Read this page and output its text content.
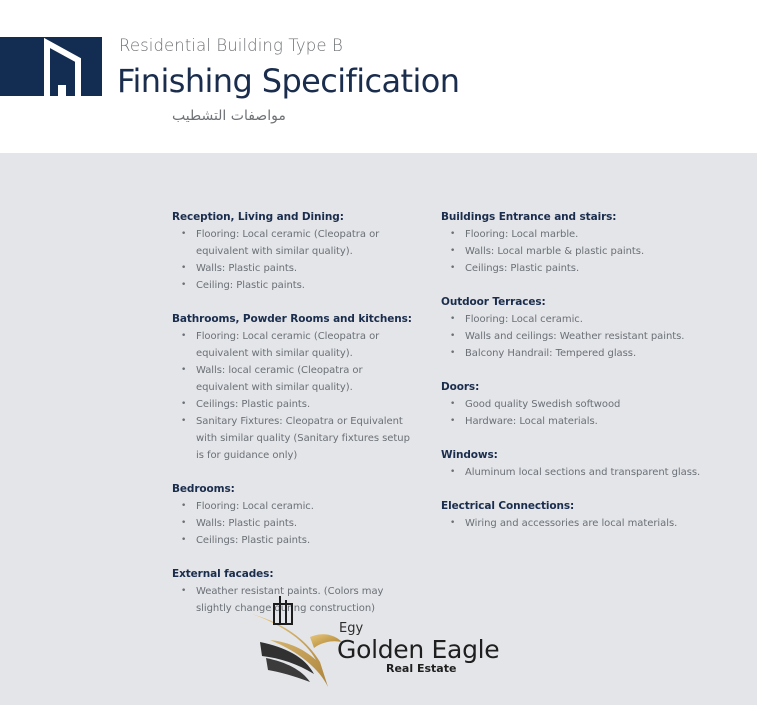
Residential Building Type B
Finishing Specification
مواصفات التشطيب
Reception, Living and Dining:
• Flooring: Local ceramic (Cleopatra or equivalent with similar quality).
• Walls: Plastic paints.
• Ceiling: Plastic paints.
Bathrooms, Powder Rooms and kitchens:
• Flooring: Local ceramic (Cleopatra or equivalent with similar quality).
• Walls: local ceramic (Cleopatra or equivalent with similar quality).
• Ceilings: Plastic paints.
• Sanitary Fixtures: Cleopatra or Equivalent with similar quality (Sanitary fixtures setup is for guidance only)
Bedrooms:
• Flooring: Local ceramic.
• Walls: Plastic paints.
• Ceilings: Plastic paints.
External facades:
• Weather resistant paints. (Colors may slightly change during construction)
Buildings Entrance and stairs:
• Flooring: Local marble.
• Walls: Local marble & plastic paints.
• Ceilings: Plastic paints.
Outdoor Terraces:
• Flooring: Local ceramic.
• Walls and ceilings: Weather resistant paints.
• Balcony Handrail: Tempered glass.
Doors:
• Good quality Swedish softwood
• Hardware: Local materials.
Windows:
• Aluminum local sections and transparent glass.
Electrical Connections:
• Wiring and accessories are local materials.
Egy
Golden Eagle
Real Estate
